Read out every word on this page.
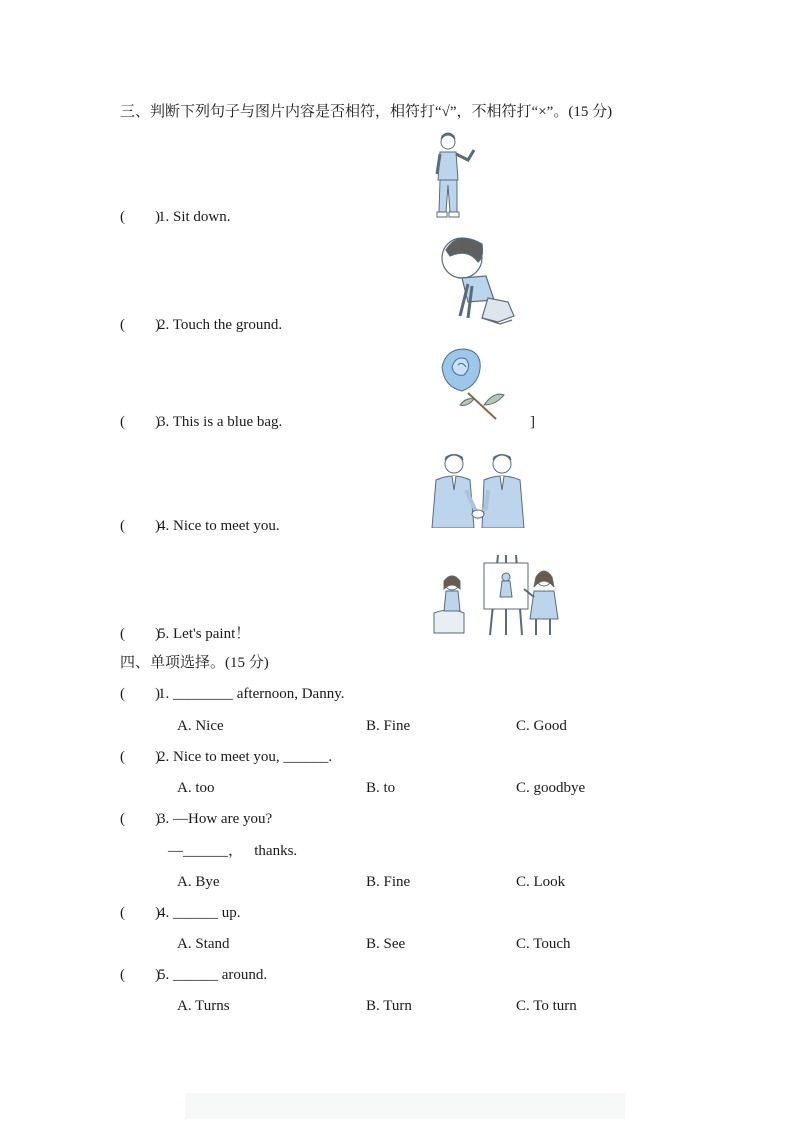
三、判断下列句子与图片内容是否相符，相符打“√”，不相符打“×”。(15 分)
(        )
1. Sit down.
(        )
2. Touch the ground.
(        )
3. This is a blue bag.	]
(        )
4. Nice to meet you.
(        )
5. Let's paint！
四、单项选择。(15 分)
(        )
1. ________ afternoon, Danny.
A. Nice	B. Fine	C. Good
(        )
2. Nice to meet you, ______.
A. too	B. to	C. goodbye
(        )
3. —How are you?
—______，   thanks.
A. Bye	B. Fine	C. Look
(        )
4. ______ up.
A. Stand	B. See	C. Touch
(        )
5. ______ around.
A. Turns	B. Turn	C. To turn
